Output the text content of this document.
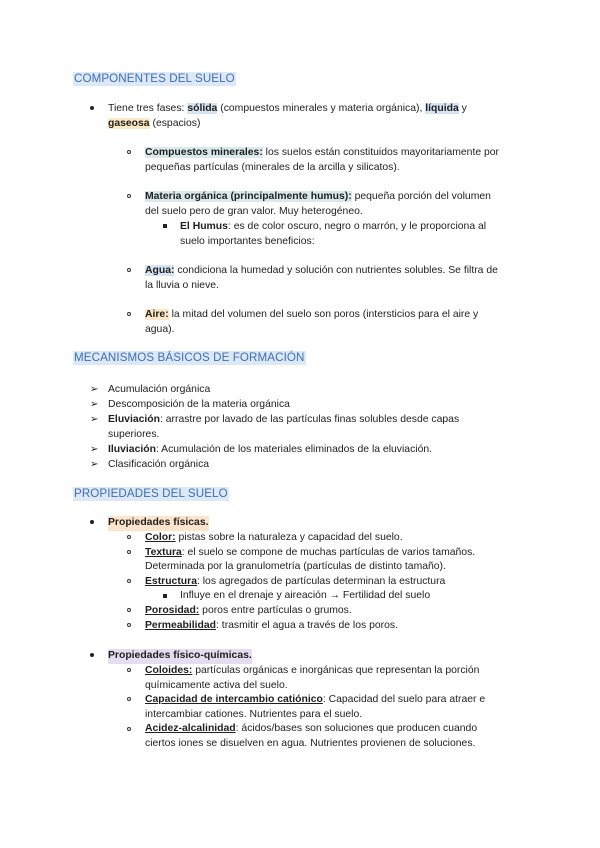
COMPONENTES DEL SUELO
Tiene tres fases: sólida (compuestos minerales y materia orgánica), líquida y
gaseosa (espacios)
Compuestos minerales: los suelos están constituidos mayoritariamente por
pequeñas partículas (minerales de la arcilla y silicatos).
Materia orgánica (principalmente humus): pequeña porción del volumen
del suelo pero de gran valor. Muy heterogéneo.
El Humus: es de color oscuro, negro o marrón, y le proporciona al
suelo importantes beneficios:
Agua: condiciona la humedad y solución con nutrientes solubles. Se filtra de
la lluvia o nieve.
Aire: la mitad del volumen del suelo son poros (intersticios para el aire y
agua).
MECANISMOS BÁSICOS DE FORMACIÓN
➢ Acumulación orgánica
➢ Descomposición de la materia orgánica
➢ Eluviación: arrastre por lavado de las partículas finas solubles desde capas
superiores.
➢ Iluviación: Acumulación de los materiales eliminados de la eluviación.
➢ Clasificación orgánica
PROPIEDADES DEL SUELO
Propiedades físicas.
Color: pistas sobre la naturaleza y capacidad del suelo.
Textura: el suelo se compone de muchas partículas de varios tamaños.
Determinada por la granulometría (partículas de distinto tamaño).
Estructura: los agregados de partículas determinan la estructura
Influye en el drenaje y aireación → Fertilidad del suelo
Porosidad: poros entre partículas o grumos.
Permeabilidad: trasmitir el agua a través de los poros.
Propiedades físico-químicas.
Coloides: partículas orgánicas e inorgánicas que representan la porción
químicamente activa del suelo.
Capacidad de intercambio catiónico: Capacidad del suelo para atraer e
intercambiar cationes. Nutrientes para el suelo.
Acidez-alcalinidad: ácidos/bases son soluciones que producen cuando
ciertos iones se disuelven en agua. Nutrientes provienen de soluciones.
